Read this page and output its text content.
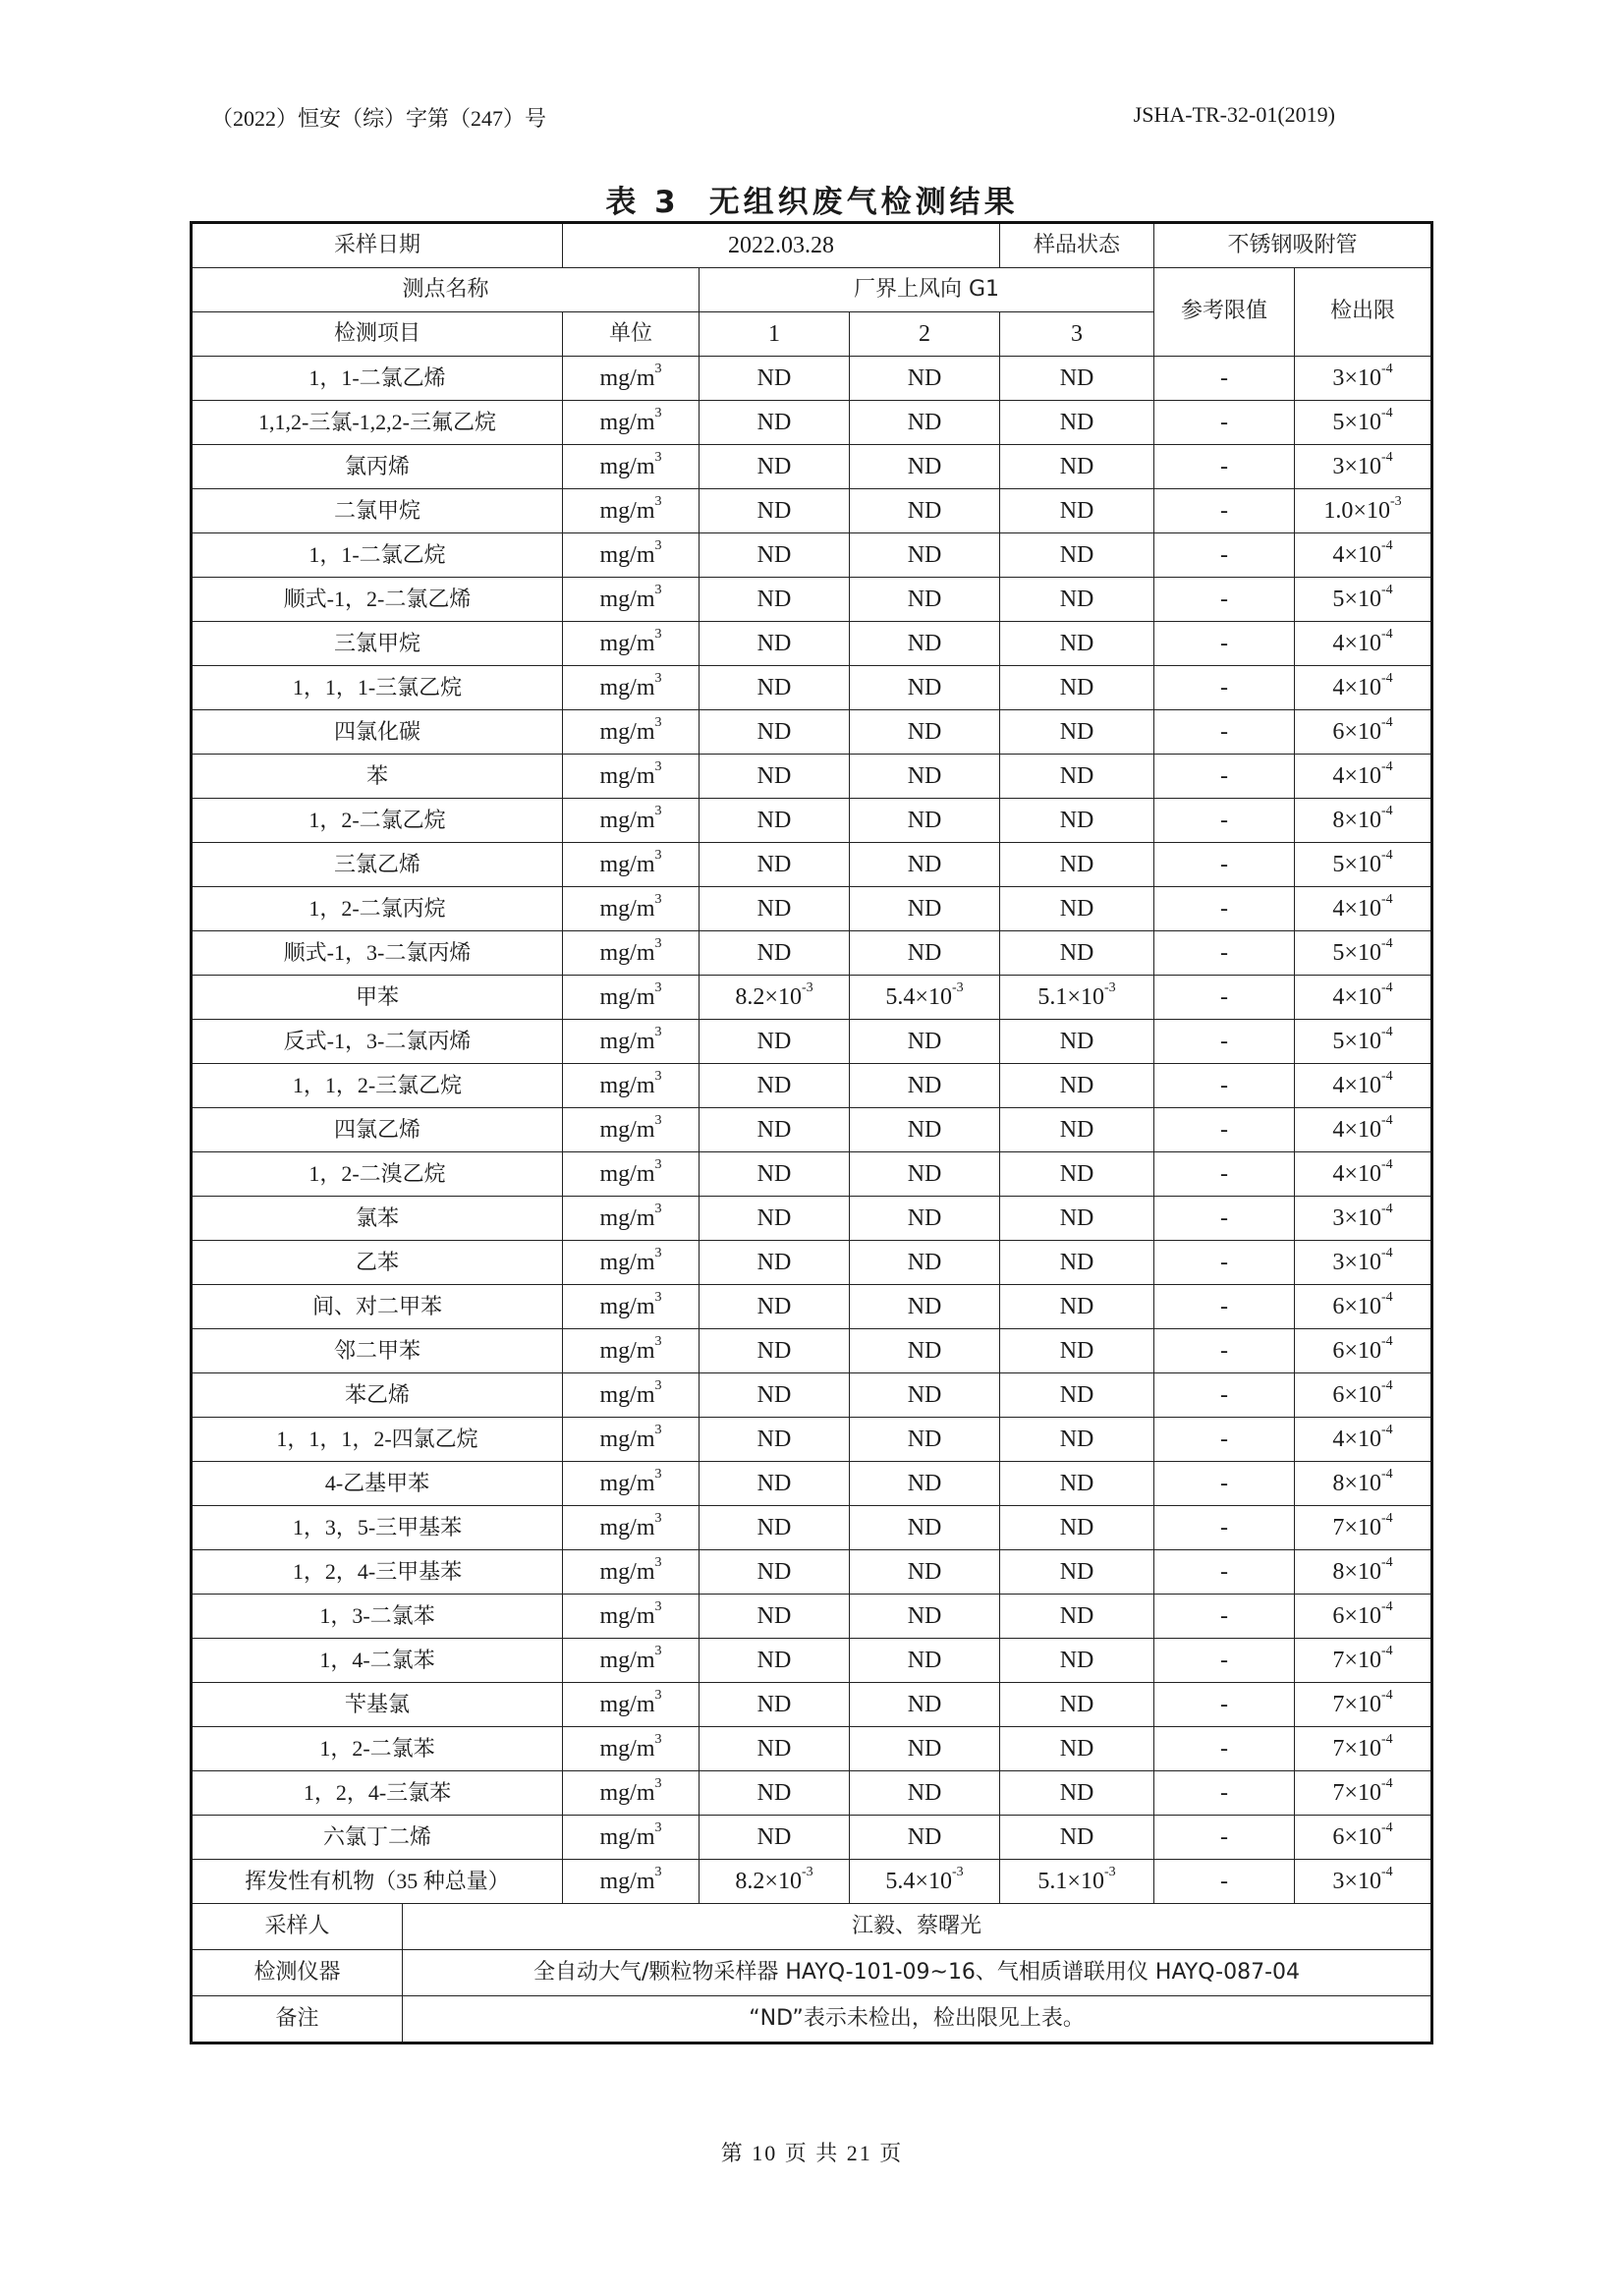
（2022）恒安（综）字第（247）号	JSHA-TR-32-01(2019)
表 3 无组织废气检测结果
采样日期		2022.03.28			样品状态	不锈钢吸附管	
测点名称			厂界上风向 G1			参考限值	检出限
检测项目		单位	1	2	3		
1，1-二氯乙烯		$mg/m^3$	ND	ND	ND	-	$3\times 10^{-4}$
1,1,2-三氯-1,2,2-三氟乙烷		$mg/m^3$	ND	ND	ND	-	$5\times 10^{-4}$
氯丙烯		$mg/m^3$	ND	ND	ND	-	$3\times 10^{-4}$
二氯甲烷		$mg/m^3$	ND	ND	ND	-	$1.0\times 10^{-3}$
1，1-二氯乙烷		$mg/m^3$	ND	ND	ND	-	$4\times 10^{-4}$
顺式-1，2-二氯乙烯		$mg/m^3$	ND	ND	ND	-	$5\times 10^{-4}$
三氯甲烷		$mg/m^3$	ND	ND	ND	-	$4\times 10^{-4}$
1，1，1-三氯乙烷		$mg/m^3$	ND	ND	ND	-	$4\times 10^{-4}$
四氯化碳		$mg/m^3$	ND	ND	ND	-	$6\times 10^{-4}$
苯		$mg/m^3$	ND	ND	ND	-	$4\times 10^{-4}$
1，2-二氯乙烷		$mg/m^3$	ND	ND	ND	-	$8\times 10^{-4}$
三氯乙烯		$mg/m^3$	ND	ND	ND	-	$5\times 10^{-4}$
1，2-二氯丙烷		$mg/m^3$	ND	ND	ND	-	$4\times 10^{-4}$
顺式-1，3-二氯丙烯		$mg/m^3$	ND	ND	ND	-	$5\times 10^{-4}$
甲苯		$mg/m^3$	$8.2\times 10^{-3}$	$5.4\times 10^{-3}$	$5.1\times 10^{-3}$	-	$4\times 10^{-4}$
反式-1，3-二氯丙烯		$mg/m^3$	ND	ND	ND	-	$5\times 10^{-4}$
1，1，2-三氯乙烷		$mg/m^3$	ND	ND	ND	-	$4\times 10^{-4}$
四氯乙烯		$mg/m^3$	ND	ND	ND	-	$4\times 10^{-4}$
1，2-二溴乙烷		$mg/m^3$	ND	ND	ND	-	$4\times 10^{-4}$
氯苯		$mg/m^3$	ND	ND	ND	-	$3\times 10^{-4}$
乙苯		$mg/m^3$	ND	ND	ND	-	$3\times 10^{-4}$
间、对二甲苯		$mg/m^3$	ND	ND	ND	-	$6\times 10^{-4}$
邻二甲苯		$mg/m^3$	ND	ND	ND	-	$6\times 10^{-4}$
苯乙烯		$mg/m^3$	ND	ND	ND	-	$6\times 10^{-4}$
1，1，1，2-四氯乙烷		$mg/m^3$	ND	ND	ND	-	$4\times 10^{-4}$
4-乙基甲苯		$mg/m^3$	ND	ND	ND	-	$8\times 10^{-4}$
1，3，5-三甲基苯		$mg/m^3$	ND	ND	ND	-	$7\times 10^{-4}$
1，2，4-三甲基苯		$mg/m^3$	ND	ND	ND	-	$8\times 10^{-4}$
1，3-二氯苯		$mg/m^3$	ND	ND	ND	-	$6\times 10^{-4}$
1，4-二氯苯		$mg/m^3$	ND	ND	ND	-	$7\times 10^{-4}$
苄基氯		$mg/m^3$	ND	ND	ND	-	$7\times 10^{-4}$
1，2-二氯苯		$mg/m^3$	ND	ND	ND	-	$7\times 10^{-4}$
1，2，4-三氯苯		$mg/m^3$	ND	ND	ND	-	$7\times 10^{-4}$
六氯丁二烯		$mg/m^3$	ND	ND	ND	-	$6\times 10^{-4}$
挥发性有机物（35 种总量）		$mg/m^3$	$8.2\times 10^{-3}$	$5.4\times 10^{-3}$	$5.1\times 10^{-3}$	-	$3\times 10^{-4}$
采样人	江毅、蔡曙光						
检测仪器	全自动大气/颗粒物采样器 HAYQ-101-09~16、气相质谱联用仪 HAYQ-087-04						
备注	“ND”表示未检出，检出限见上表。						
第 10 页 共 21 页
